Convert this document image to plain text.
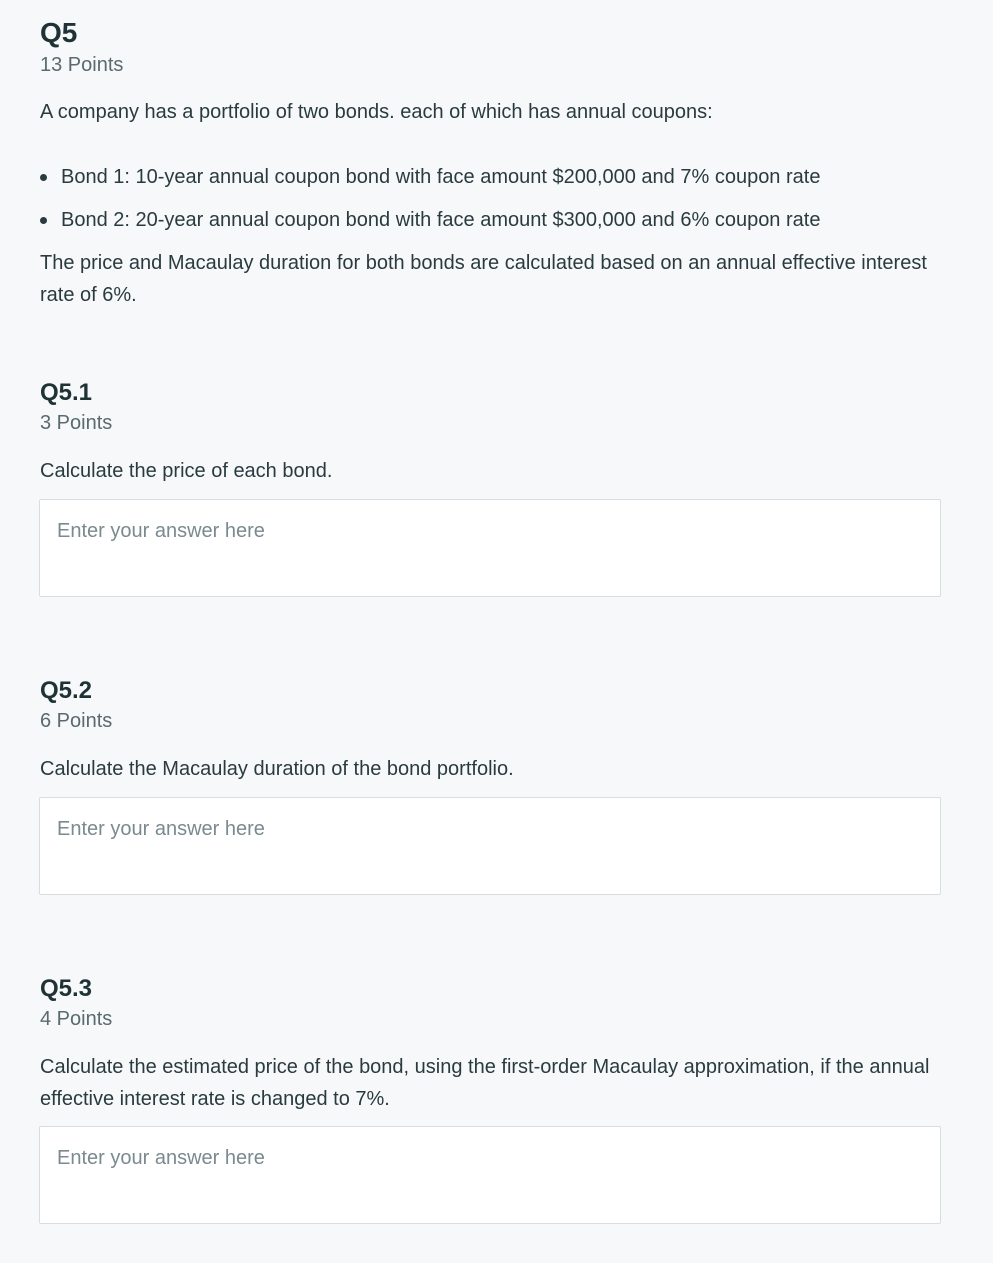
Q5

13 Points

A company has a portfolio of two bonds. each of which has annual coupons:

Bond 1: 10-year annual coupon bond with face amount $200,000 and 7% coupon rate
Bond 2: 20-year annual coupon bond with face amount $300,000 and 6% coupon rate

The price and Macaulay duration for both bonds are calculated based on an annual effective interest rate of 6%.

Q5.1

3 Points

Calculate the price of each bond.

Enter your answer here
Q5.2

6 Points

Calculate the Macaulay duration of the bond portfolio.

Enter your answer here
Q5.3

4 Points

Calculate the estimated price of the bond, using the first-order Macaulay approximation, if the annual effective interest rate is changed to 7%.

Enter your answer here
